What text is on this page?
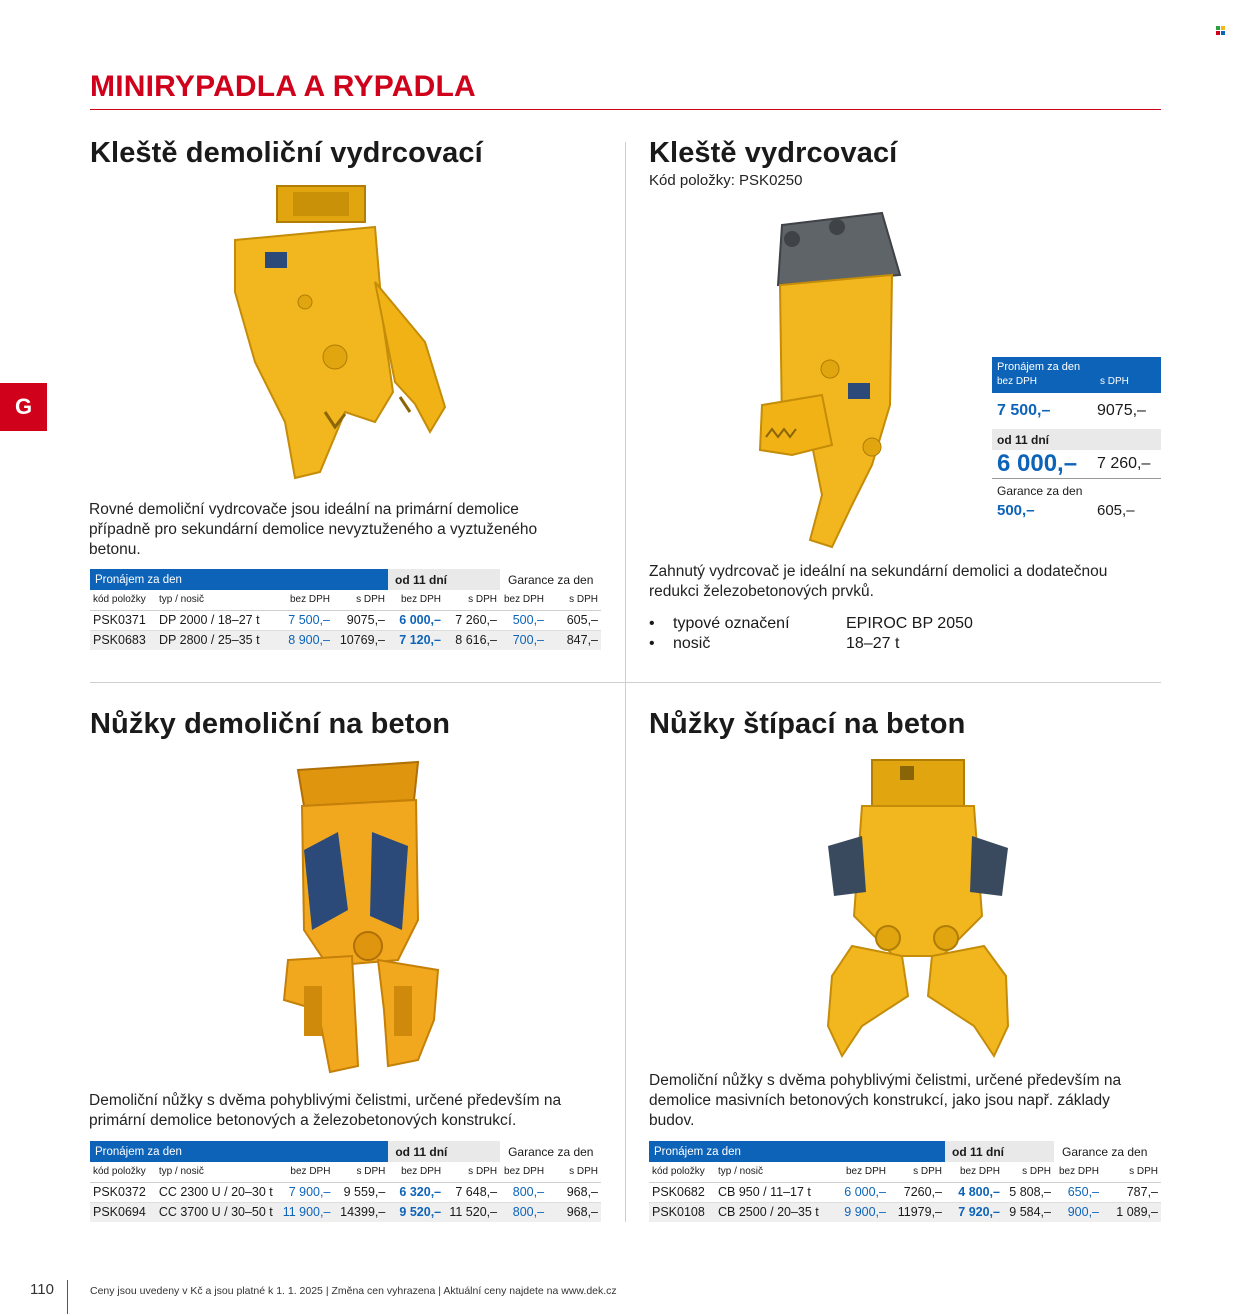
MINIRYPADLA A RYPADLA
G
Kleště demoliční vydrcovací

Rovné demoliční vydrcovače jsou ideální na primární demolice případně pro sekundární demolice nevyztuženého a vyztuženého betonu.

Pronájem za den				od 11 dní		Garance za den	
kód položky	typ / nosič	bez DPH	s DPH	bez DPH	s DPH	bez DPH	s DPH
PSK0371	DP 2000 / 18–27 t	7 500,–	9075,–	6 000,–	7 260,–	500,–	605,–
PSK0683	DP 2800 / 25–35 t	8 900,–	10769,–	7 120,–	8 616,–	700,–	847,–
Kleště vydrcovací
Kód položky: PSK0250
Pronájem za den
bez DPH	s DPH
7 500,–	9075,–
od 11 dní
6 000,–	7 260,–
Garance za den
500,–	605,–

Zahnutý vydrcovač je ideální na sekundární demolici a dodatečnou redukci železobetonových prvků.

•	typové označení	EPIROC BP 2050
•	nosič	18–27 t
Nůžky demoliční na beton

Demoliční nůžky s dvěma pohyblivými čelistmi, určené především na primární demolice betonových a železobetonových konstrukcí.

Pronájem za den				od 11 dní		Garance za den	
kód položky	typ / nosič	bez DPH	s DPH	bez DPH	s DPH	bez DPH	s DPH
PSK0372	CC 2300 U / 20–30 t	7 900,–	9 559,–	6 320,–	7 648,–	800,–	968,–
PSK0694	CC 3700 U / 30–50 t	11 900,–	14399,–	9 520,–	11 520,–	800,–	968,–
Nůžky štípací na beton

Demoliční nůžky s dvěma pohyblivými čelistmi, určené především na demolice masivních betonových konstrukcí, jako jsou např. základy budov.

Pronájem za den				od 11 dní		Garance za den	
kód položky	typ / nosič	bez DPH	s DPH	bez DPH	s DPH	bez DPH	s DPH
PSK0682	CB 950 / 11–17 t	6 000,–	7260,–	4 800,–	5 808,–	650,–	787,–
PSK0108	CB 2500 / 20–35 t	9 900,–	11979,–	7 920,–	9 584,–	900,–	1 089,–
110	Ceny jsou uvedeny v Kč a jsou platné k 1. 1. 2025 | Změna cen vyhrazena | Aktuální ceny najdete na www.dek.cz
